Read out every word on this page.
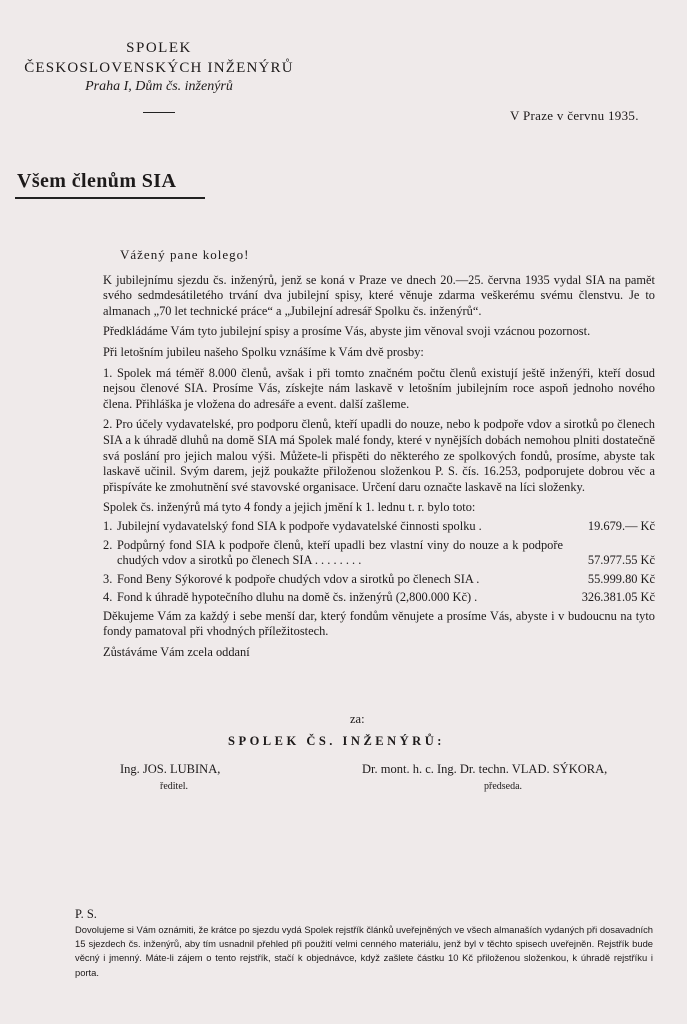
SPOLEK
ČESKOSLOVENSKÝCH INŽENÝRŮ
Praha I, Dům čs. inženýrů
V Praze v červnu 1935.
Všem členům SIA
Vážený pane kolego!

K jubilejnímu sjezdu čs. inženýrů, jenž se koná v Praze ve dnech 20.—25. června 1935 vydal SIA na pamět svého sedmdesátiletého trvání dva jubilejní spisy, které věnuje zdarma veškerému svému členstvu. Je to almanach „70 let technické práce“ a „Jubilejní adresář Spolku čs. inženýrů“.

Předkládáme Vám tyto jubilejní spisy a prosíme Vás, abyste jim věnoval svoji vzácnou pozornost.

Při letošním jubileu našeho Spolku vznášíme k Vám dvě prosby:

1. Spolek má téměř 8.000 členů, avšak i při tomto značném počtu členů existují ještě inženýři, kteří dosud nejsou členové SIA. Prosíme Vás, získejte nám laskavě v letošním jubilejním roce aspoň jednoho nového člena. Přihláška je vložena do adresáře a event. další zašleme.

2. Pro účely vydavatelské, pro podporu členů, kteří upadli do nouze, nebo k podpoře vdov a sirotků po členech SIA a k úhradě dluhů na domě SIA má Spolek malé fondy, které v nynějších dobách nemohou plniti dostatečně svá poslání pro jejich malou výši. Můžete-li přispěti do některého ze spolkových fondů, prosíme, abyste tak laskavě učinil. Svým darem, jejž poukažte přiloženou složenkou P. S. čís. 16.253, podporujete dobrou věc a přispíváte ke zmohutnění své stavovské organisace. Určení daru označte laskavě na líci složenky.

Spolek čs. inženýrů má tyto 4 fondy a jejich jmění k 1. lednu t. r. bylo toto:
1. Jubilejní vydavatelský fond SIA k podpoře vydavatelské činnosti spolku .	19.679.— Kč
2. Podpůrný fond SIA k podpoře členů, kteří upadli bez vlastní viny do nouze a k podpoře chudých vdov a sirotků po členech SIA . . . . . . . .	57.977.55 Kč
3. Fond Beny Sýkorové k podpoře chudých vdov a sirotků po členech SIA .	55.999.80 Kč
4. Fond k úhradě hypotečního dluhu na domě čs. inženýrů (2,800.000 Kč) .	326.381.05 Kč

Děkujeme Vám za každý i sebe menší dar, který fondům věnujete a prosíme Vás, abyste i v budoucnu na tyto fondy pamatoval při vhodných příležitostech.

Zůstáváme Vám zcela oddaní

za:
SPOLEK ČS. INŽENÝRŮ:
Ing. JOS. LUBINA,
ředitel.
Dr. mont. h. c. Ing. Dr. techn. VLAD. SÝKORA,
předseda.
P. S.
Dovolujeme si Vám oznámiti, že krátce po sjezdu vydá Spolek rejstřík článků uveřejněných ve všech almanaších vydaných při dosavadních 15 sjezdech čs. inženýrů, aby tím usnadnil přehled při použití velmi cenného materiálu, jenž byl v těchto spisech uveřejněn. Rejstřík bude věcný i jmenný. Máte-li zájem o tento rejstřík, stačí k objednávce, když zašlete částku 10 Kč přiloženou složenkou, k úhradě rejstříku i porta.
